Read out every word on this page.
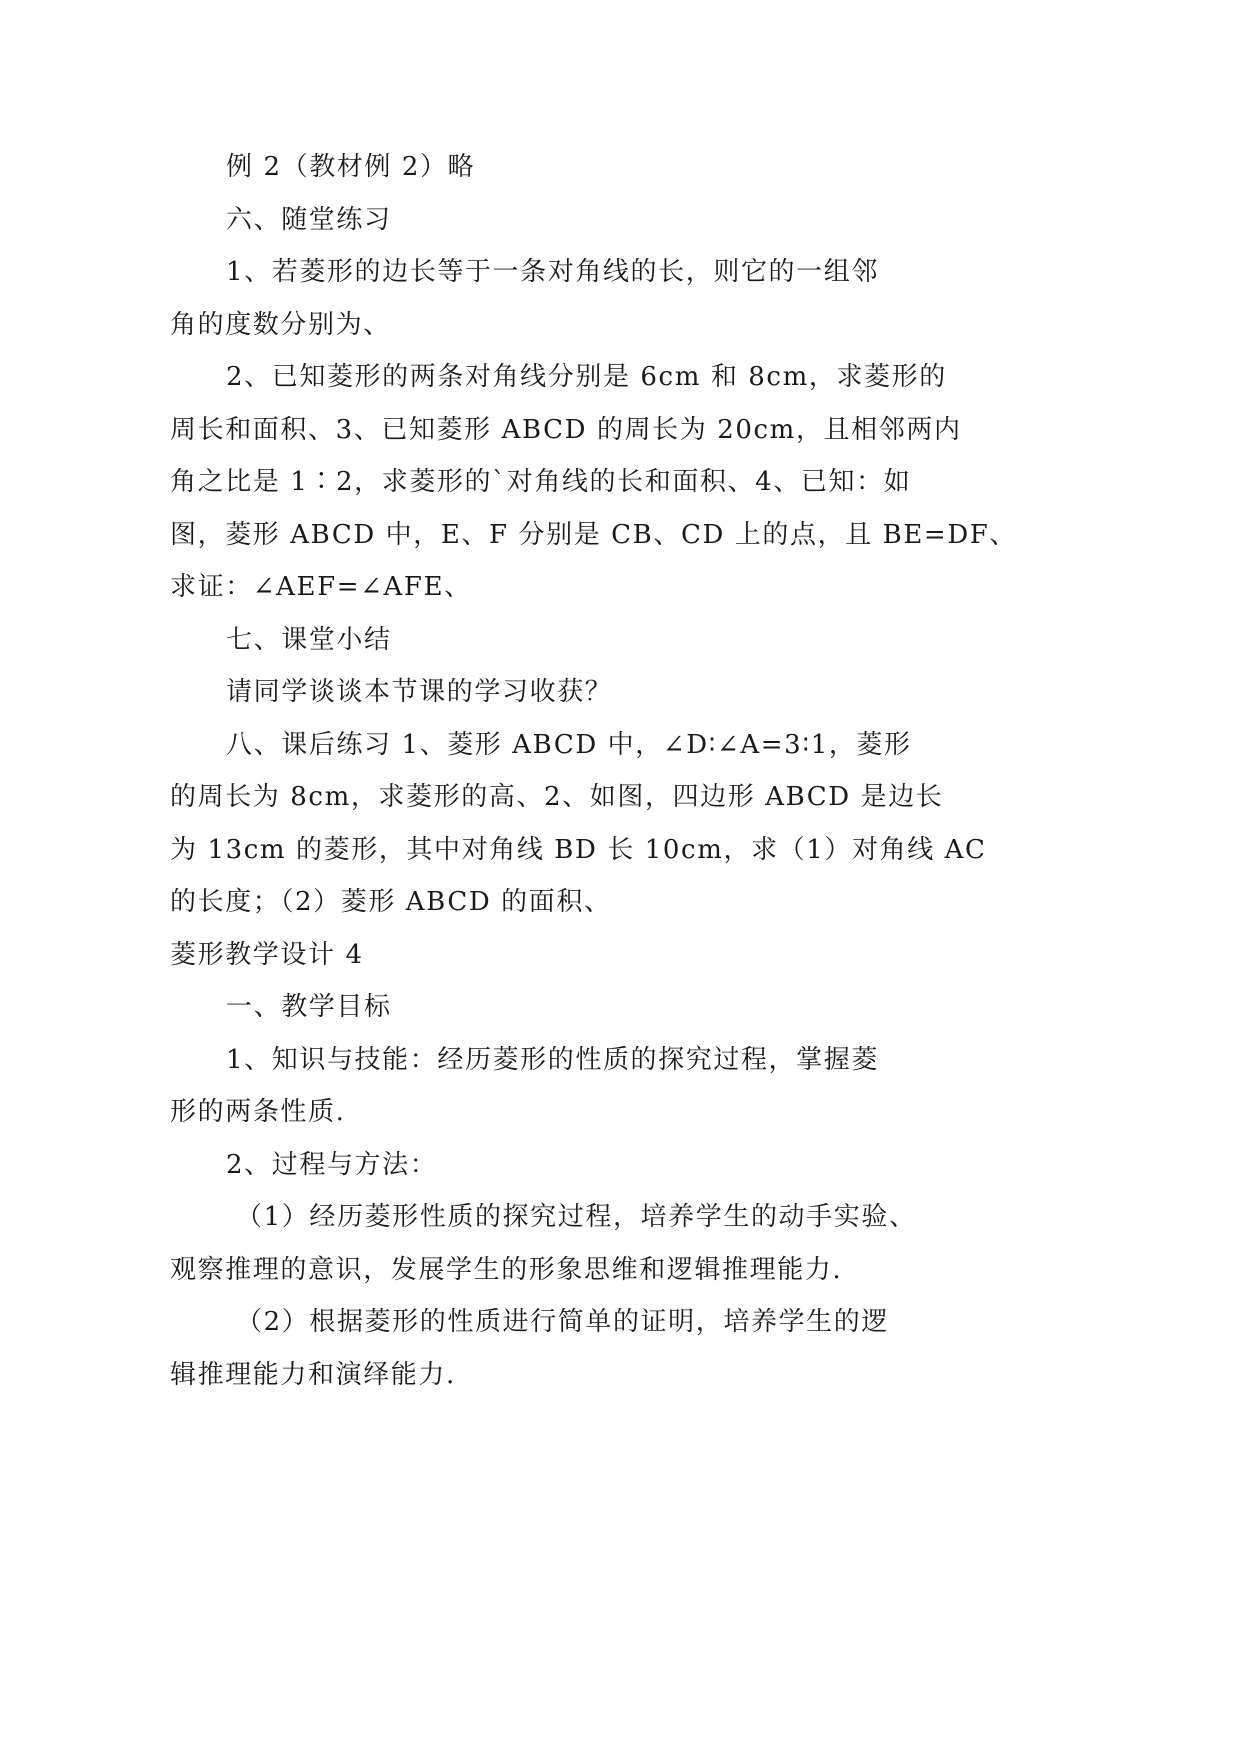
例 2（教材例 2）略

六、随堂练习

1、若菱形的边长等于一条对角线的长，则它的一组邻

角的度数分别为、

2、已知菱形的两条对角线分别是 6cm 和 8cm，求菱形的

周长和面积、3、已知菱形 ABCD 的周长为 20cm，且相邻两内

角之比是 1∶2，求菱形的`对角线的长和面积、4、已知：如

图，菱形 ABCD 中，E、F 分别是 CB、CD 上的点，且 BE=DF、

求证：∠AEF=∠AFE、

七、课堂小结

请同学谈谈本节课的学习收获？

八、课后练习 1、菱形 ABCD 中，∠D∶∠A=3∶1，菱形

的周长为 8cm，求菱形的高、2、如图，四边形 ABCD 是边长

为 13cm 的菱形，其中对角线 BD 长 10cm，求（1）对角线 AC

的长度；（2）菱形 ABCD 的面积、

菱形教学设计 4

一、教学目标

1、知识与技能：经历菱形的性质的探究过程，掌握菱

形的两条性质.

2、过程与方法：

（1）经历菱形性质的探究过程，培养学生的动手实验、

观察推理的意识，发展学生的形象思维和逻辑推理能力.

（2）根据菱形的性质进行简单的证明，培养学生的逻

辑推理能力和演绎能力.
